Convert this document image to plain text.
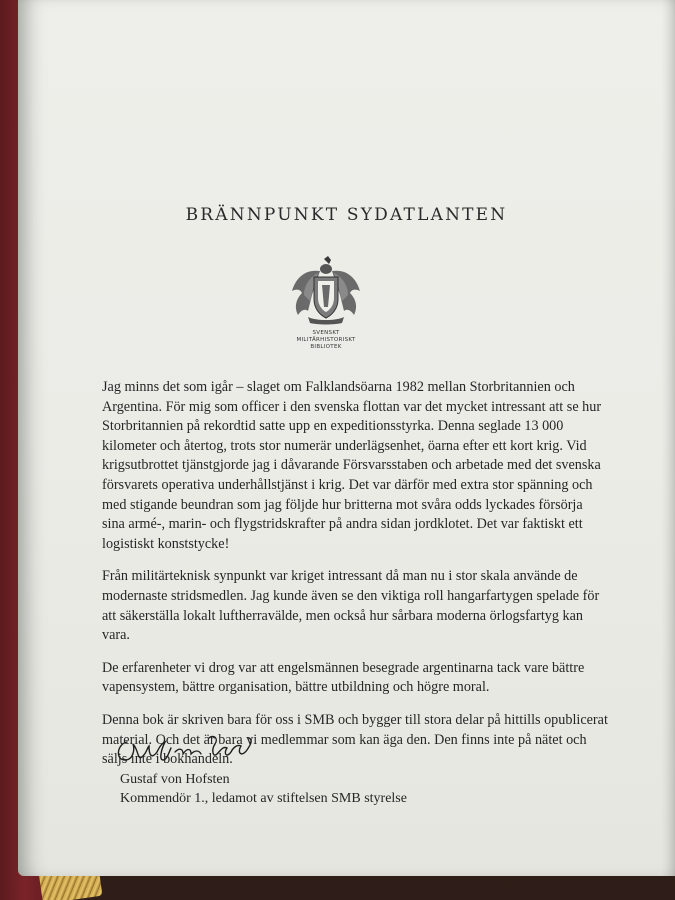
BRÄNNPUNKT SYDATLANTEN
SVENSKT
MILITÄRHISTORISKT
BIBLIOTEK

Jag minns det som igår – slaget om Falklandsöarna 1982 mellan Storbritannien och Argentina. För mig som officer i den svenska flottan var det mycket intressant att se hur Storbritannien på rekordtid satte upp en expeditionsstyrka. Denna seglade 13 000 kilometer och återtog, trots stor numerär underlägsenhet, öarna efter ett kort krig. Vid krigsutbrottet tjänstgjorde jag i dåvarande Försvarsstaben och arbetade med det svenska försvarets operativa underhållstjänst i krig. Det var därför med extra stor spänning och med stigande beundran som jag följde hur britterna mot svåra odds lyckades försörja sina armé-, marin- och flygstridskrafter på andra sidan jordklotet. Det var faktiskt ett logistiskt konststycke!

Från militärteknisk synpunkt var kriget intressant då man nu i stor skala använde de modernaste stridsmedlen. Jag kunde även se den viktiga roll hangarfartygen spelade för att säkerställa lokalt luftherravälde, men också hur sårbara moderna örlogsfartyg kan vara.

De erfarenheter vi drog var att engelsmännen besegrade argentinarna tack vare bättre vapensystem, bättre organisation, bättre utbildning och högre moral.

Denna bok är skriven bara för oss i SMB och bygger till stora delar på hittills opublicerat material. Och det är bara vi medlemmar som kan äga den. Den finns inte på nätet och säljs inte i bokhandeln.

Gustaf von Hofsten
Kommendör 1., ledamot av stiftelsen SMB styrelse
